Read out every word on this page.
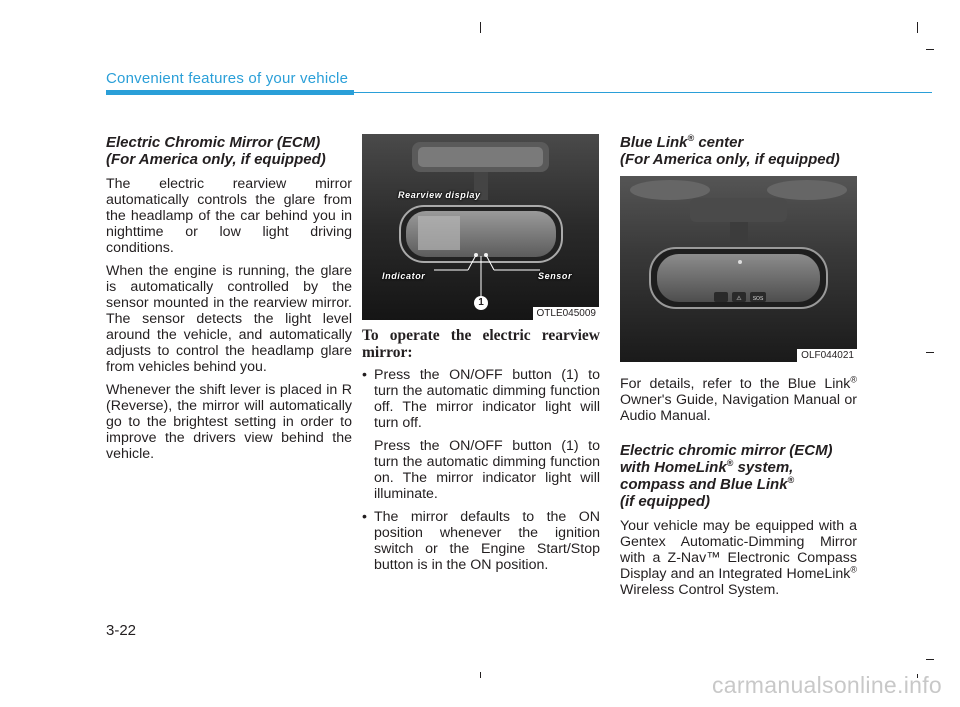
Convenient features of your vehicle
Electric Chromic Mirror (ECM)
(For America only, if equipped)

The electric rearview mirror automatically controls the glare from the headlamp of the car behind you in nighttime or low light driving conditions.

When the engine is running, the glare is automatically controlled by the sensor mounted in the rearview mirror. The sensor detects the light level around the vehicle, and automatically adjusts to control the headlamp glare from vehicles behind you.

Whenever the shift lever is placed in R (Reverse), the mirror will automatically go to the brightest setting in order to improve the drivers view behind the vehicle.

Rearview display
Indicator	Sensor
1
OTLE045009
To operate the electric rearview mirror:

• Press the ON/OFF button (1) to turn the automatic dimming function off. The mirror indicator light will turn off.

Press the ON/OFF button (1) to turn the automatic dimming function on. The mirror indicator light will illuminate.

• The mirror defaults to the ON position whenever the ignition switch or the Engine Start/Stop button is in the ON position.

Blue Link® center
(For America only, if equipped)

For details, refer to the Blue Link® Owner's Guide, Navigation Manual or Audio Manual.

Electric chromic mirror (ECM)
with HomeLink® system,
compass and Blue Link®
(if equipped)

Your vehicle may be equipped with a Gentex Automatic-Dimming Mirror with a Z-Nav™ Electronic Compass Display and an Integrated HomeLink® Wireless Control System.

SOS
⚠
OLF044021
3-22
carmanualsonline.info
